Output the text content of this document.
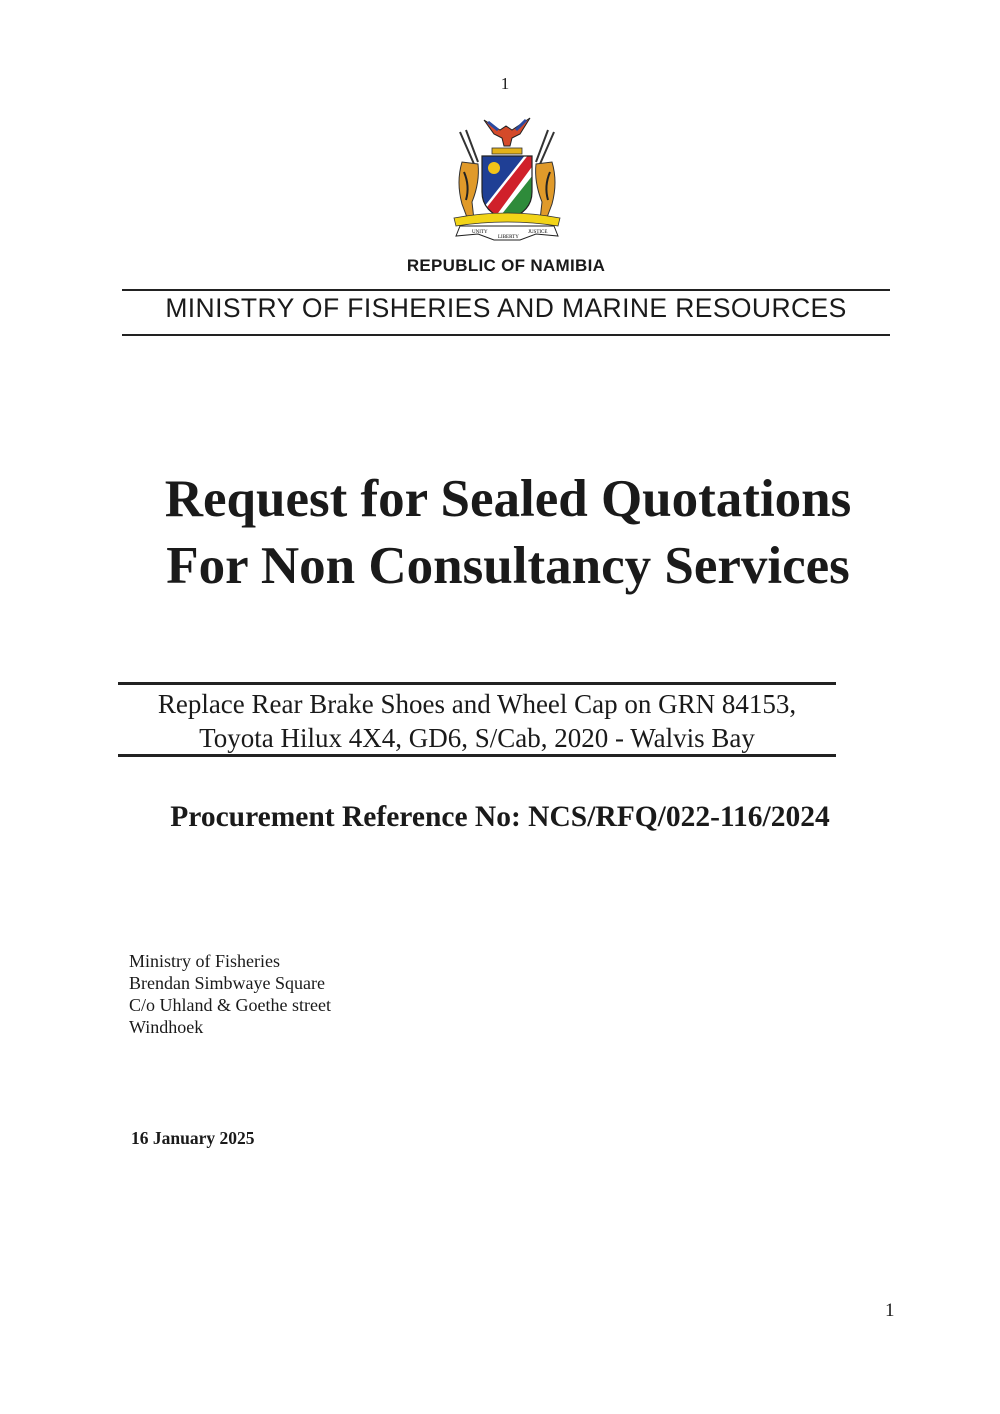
1
UNITY
LIBERTY
JUSTICE
REPUBLIC OF NAMIBIA
MINISTRY OF FISHERIES AND MARINE RESOURCES
Request for Sealed Quotations
For Non Consultancy Services
Replace Rear Brake Shoes and Wheel Cap on GRN 84153,
Toyota Hilux 4X4, GD6, S/Cab, 2020 - Walvis Bay
Procurement Reference No: NCS/RFQ/022-116/2024
Ministry of Fisheries
Brendan Simbwaye Square
C/o Uhland & Goethe street
Windhoek
16 January 2025
1
